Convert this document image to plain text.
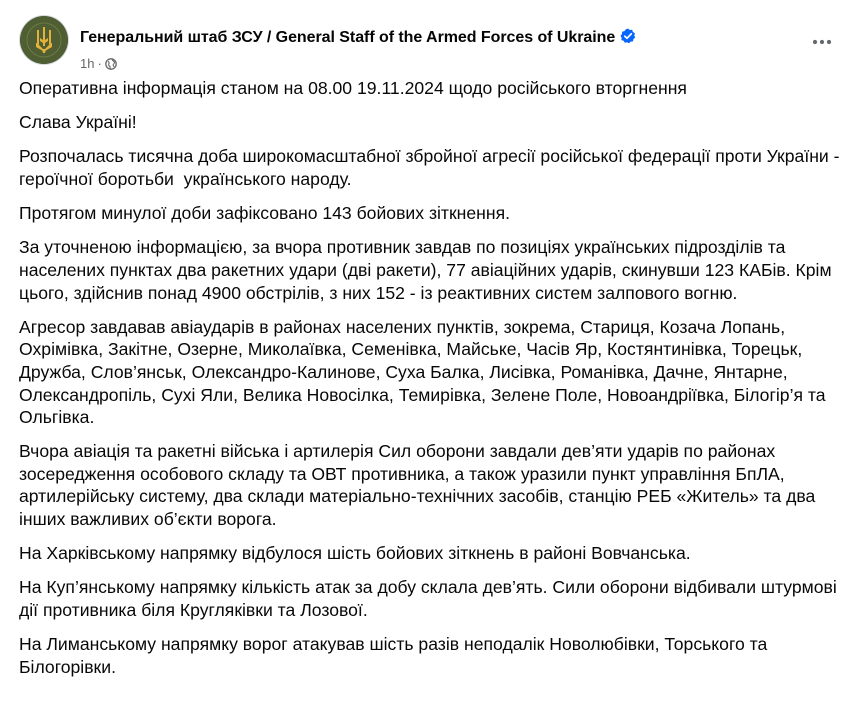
Генеральний штаб ЗСУ / General Staff of the Armed Forces of Ukraine
1h ·

Оперативна інформація станом на 08.00 19.11.2024 щодо російського вторгнення

Слава Україні!

Розпочалась тисячна доба широкомасштабної збройної агресії російської федерації проти України - героїчної боротьби  українського народу.

Протягом минулої доби зафіксовано 143 бойових зіткнення.

За уточненою інформацією, за вчора противник завдав по позиціях українських підрозділів та населених пунктах два ракетних удари (дві ракети), 77 авіаційних ударів, скинувши 123 КАБів. Крім цього, здійснив понад 4900 обстрілів, з них 152 - із реактивних систем залпового вогню.

Агресор завдавав авіаударів в районах населених пунктів, зокрема, Стариця, Козача Лопань, Охрімівка, Закітне, Озерне, Миколаївка, Семенівка, Майське, Часів Яр, Костянтинівка, Торецьк, Дружба, Слов’янськ, Олександро-Калинове, Суха Балка, Лисівка, Романівка, Дачне, Янтарне, Олександропіль, Сухі Яли, Велика Новосілка, Темирівка, Зелене Поле, Новоандріївка, Білогір’я та Ольгівка.

Вчора авіація та ракетні війська і артилерія Сил оборони завдали дев’яти ударів по районах зосередження особового складу та ОВТ противника, а також уразили пункт управління БпЛА, артилерійську систему, два склади матеріально-технічних засобів, станцію РЕБ «Житель» та два інших важливих об’єкти ворога.

На Харківському напрямку відбулося шість бойових зіткнень в районі Вовчанська.

На Куп’янському напрямку кількість атак за добу склала дев’ять. Сили оборони відбивали штурмові дії противника біля Кругляківки та Лозової.

На Лиманському напрямку ворог атакував шість разів неподалік Новолюбівки, Торського та Білогорівки.
